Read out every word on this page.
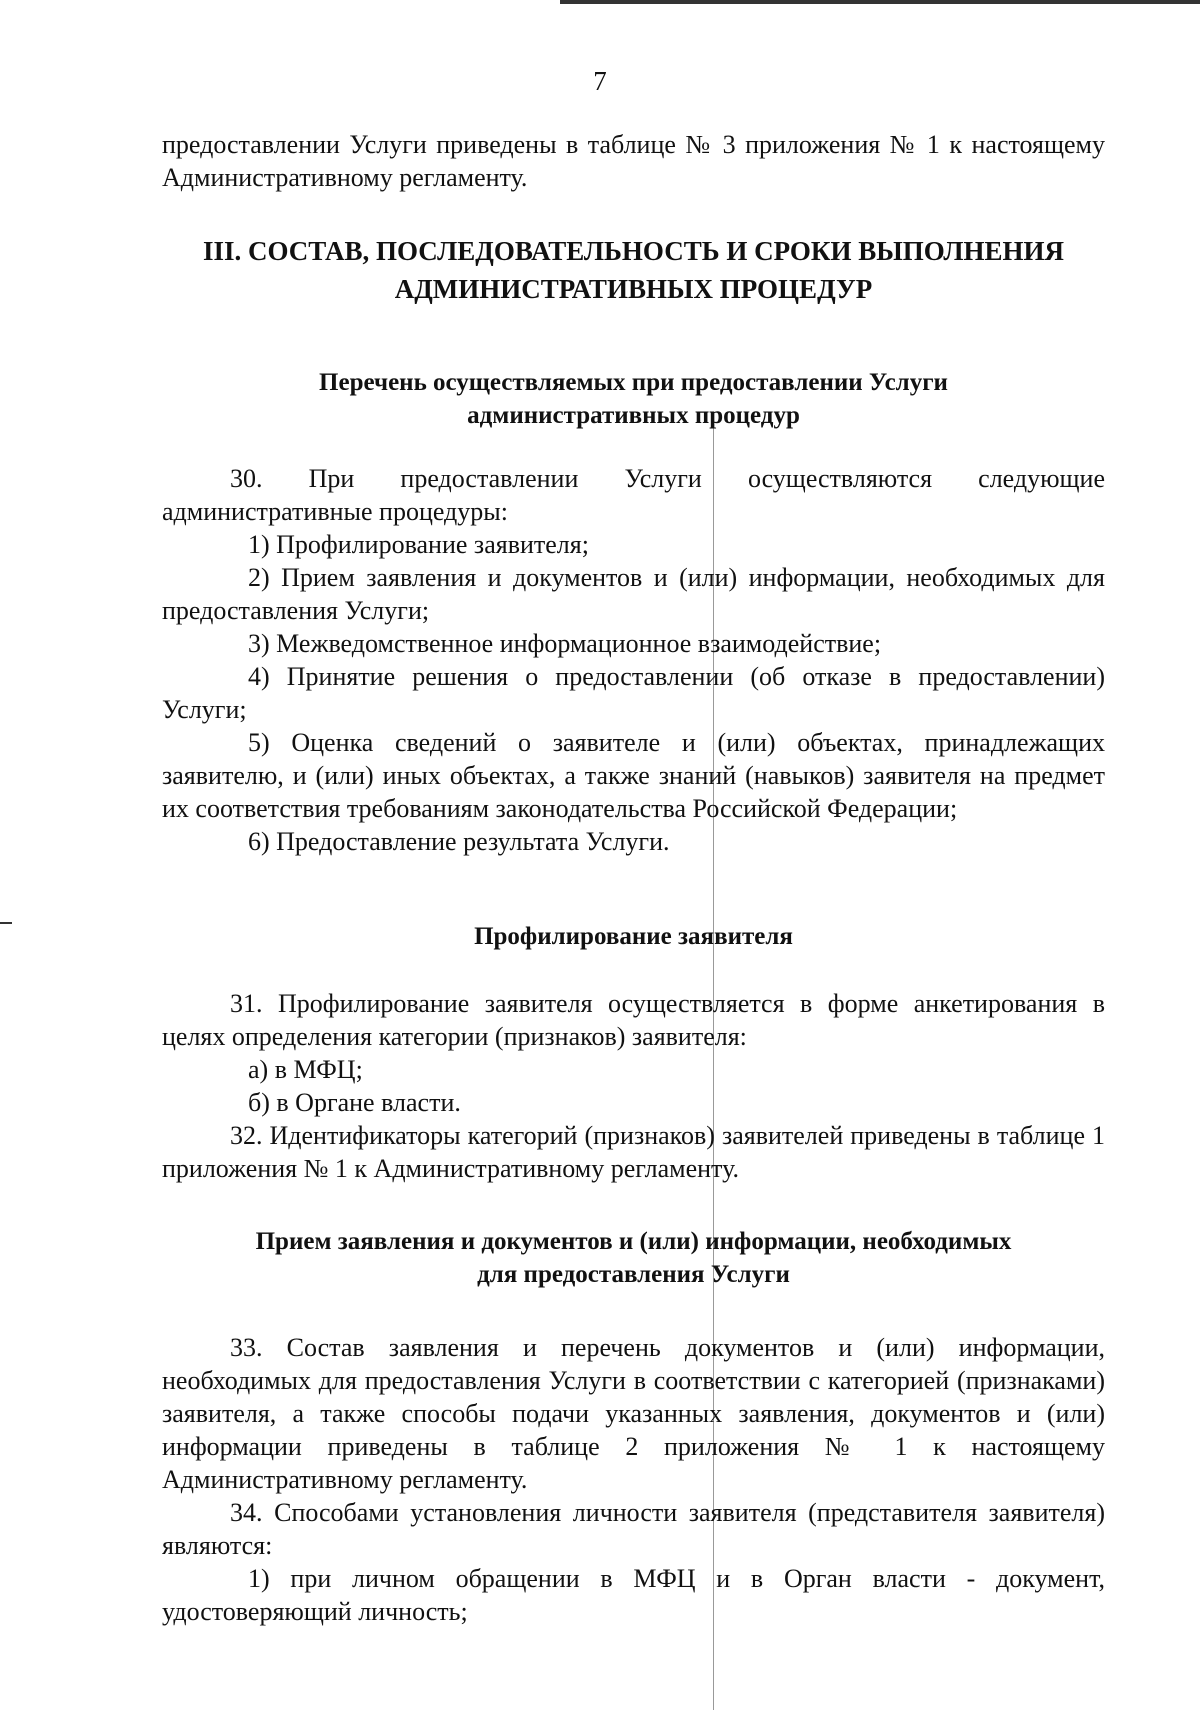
7

предоставлении Услуги приведены в таблице № 3 приложения № 1 к настоящему Административному регламенту.

III. СОСТАВ, ПОСЛЕДОВАТЕЛЬНОСТЬ И СРОКИ ВЫПОЛНЕНИЯ
АДМИНИСТРАТИВНЫХ ПРОЦЕДУР
Перечень осуществляемых при предоставлении Услуги
административных процедур

30. При предоставлении Услуги осуществляются следующие административные процедуры:

1) Профилирование заявителя;

2) Прием заявления и документов и (или) информации, необходимых для предоставления Услуги;

3) Межведомственное информационное взаимодействие;

4) Принятие решения о предоставлении (об отказе в предоставлении) Услуги;

5) Оценка сведений о заявителе и (или) объектах, принадлежащих заявителю, и (или) иных объектах, а также знаний (навыков) заявителя на предмет их соответствия требованиям законодательства Российской Федерации;

6) Предоставление результата Услуги.

Профилирование заявителя

31. Профилирование заявителя осуществляется в форме анкетирования в целях определения категории (признаков) заявителя:

а) в МФЦ;

б) в Органе власти.

32. Идентификаторы категорий (признаков) заявителей приведены в таблице 1 приложения № 1 к Административному регламенту.

Прием заявления и документов и (или) информации, необходимых
для предоставления Услуги

33. Состав заявления и перечень документов и (или) информации, необходимых для предоставления Услуги в соответствии с категорией (признаками) заявителя, а также способы подачи указанных заявления, документов и (или) информации приведены в таблице 2 приложения № 1 к настоящему Административному регламенту.

34. Способами установления личности заявителя (представителя заявителя) являются:

1) при личном обращении в МФЦ и в Орган власти - документ, удостоверяющий личность;
